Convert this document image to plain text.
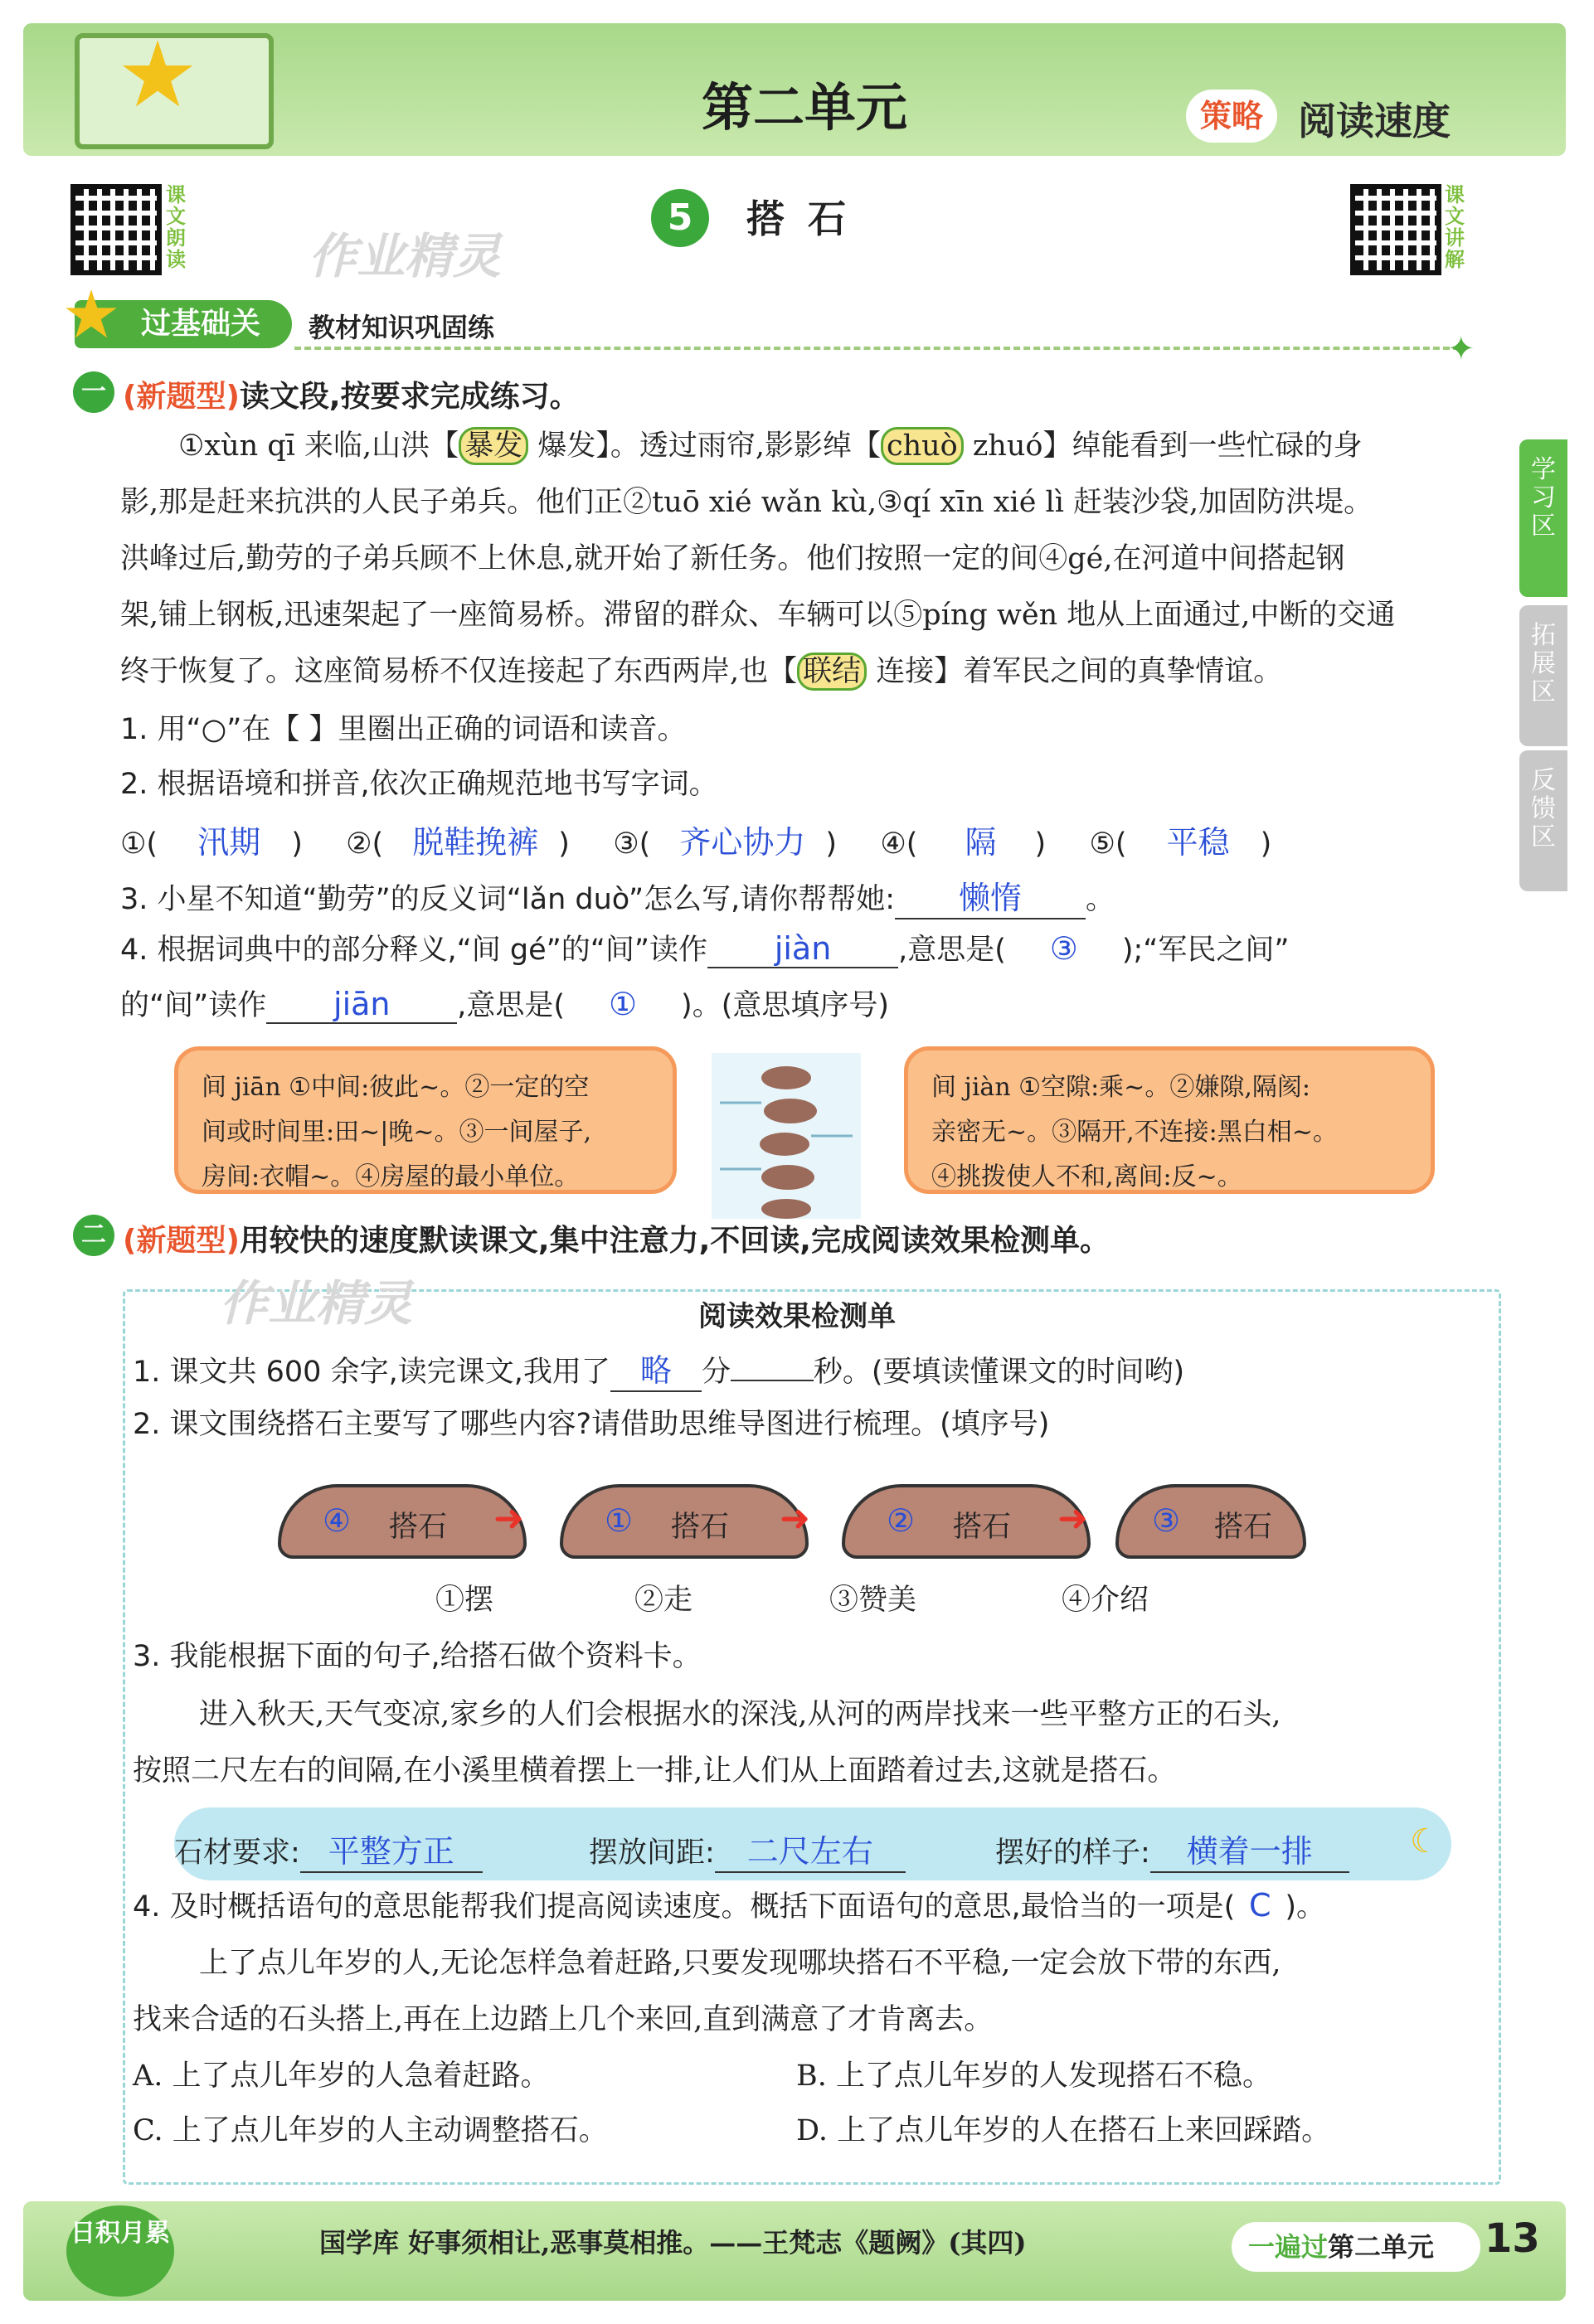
★	第二单元	策略 阅读速度
课文朗读
课文讲解
作业精灵
5	搭石
过基础关
★	教材知识巩固练
✦
一 (新题型)读文段,按要求完成练习。
①xùn qī 来临,山洪【 暴发 爆发】。透过雨帘,影影绰【 chuò zhuó】绰能看到一些忙碌的身
影,那是赶来抗洪的人民子弟兵。他们正②tuō xié wǎn kù,③qí xīn xié lì 赶装沙袋,加固防洪堤。
洪峰过后,勤劳的子弟兵顾不上休息,就开始了新任务。他们按照一定的间④gé,在河道中间搭起钢
架,铺上钢板,迅速架起了一座简易桥。滞留的群众、车辆可以⑤píng wěn 地从上面通过,中断的交通
终于恢复了。这座简易桥不仅连接起了东西两岸,也【 联结 连接】着军民之间的真挚情谊。
1. 用“○”在【 】里圈出正确的词语和读音。
2. 根据语境和拼音,依次正确规范地书写字词。
①( 汛期 )  ②( 脱鞋挽裤 )  ③( 齐心协力 )  ④( 隔 )  ⑤( 平稳 )
3. 小星不知道“勤劳”的反义词“lǎn duò”怎么写,请你帮帮她: 懒惰 。
4. 根据词典中的部分释义,“间 gé”的“间”读作 jiàn ,意思是( ③ );“军民之间”
的“间”读作 jiān ,意思是( ① )。(意思填序号)
间 jiān ①中间:彼此~。②一定的空
间或时间里:田~|晚~。③一间屋子,
房间:衣帽~。④房屋的最小单位。
间 jiàn ①空隙:乘~。②嫌隙,隔阂:
亲密无~。③隔开,不连接:黑白相~。
④挑拨使人不和,离间:反~。
二 (新题型)用较快的速度默读课文,集中注意力,不回读,完成阅读效果检测单。
作业精灵	阅读效果检测单
1. 课文共 600 余字,读完课文,我用了 略 分	秒。(要填读懂课文的时间哟)
2. 课文围绕搭石主要写了哪些内容?请借助思维导图进行梳理。(填序号)
④ 搭石 ➜	① 搭石 ➜ ② 搭石 ➜ ③ 搭石
①摆	②走	③赞美	④介绍
3. 我能根据下面的句子,给搭石做个资料卡。
进入秋天,天气变凉,家乡的人们会根据水的深浅,从河的两岸找来一些平整方正的石头,
按照二尺左右的间隔,在小溪里横着摆上一排,让人们从上面踏着过去,这就是搭石。
石材要求: 平整方正	摆放间距: 二尺左右	摆好的样子: 横着一排	☾
4. 及时概括语句的意思能帮我们提高阅读速度。概括下面语句的意思,最恰当的一项是( C )。
上了点儿年岁的人,无论怎样急着赶路,只要发现哪块搭石不平稳,一定会放下带的东西,
找来合适的石头搭上,再在上边踏上几个来回,直到满意了才肯离去。
A. 上了点儿年岁的人急着赶路。	B. 上了点儿年岁的人发现搭石不稳。
C. 上了点儿年岁的人主动调整搭石。	D. 上了点儿年岁的人在搭石上来回踩踏。
学习区
拓展区
反馈区
日积月累	国学库 好事须相让,恶事莫相推。——王梵志《题阙》(其四)	一遍过第二单元	13
